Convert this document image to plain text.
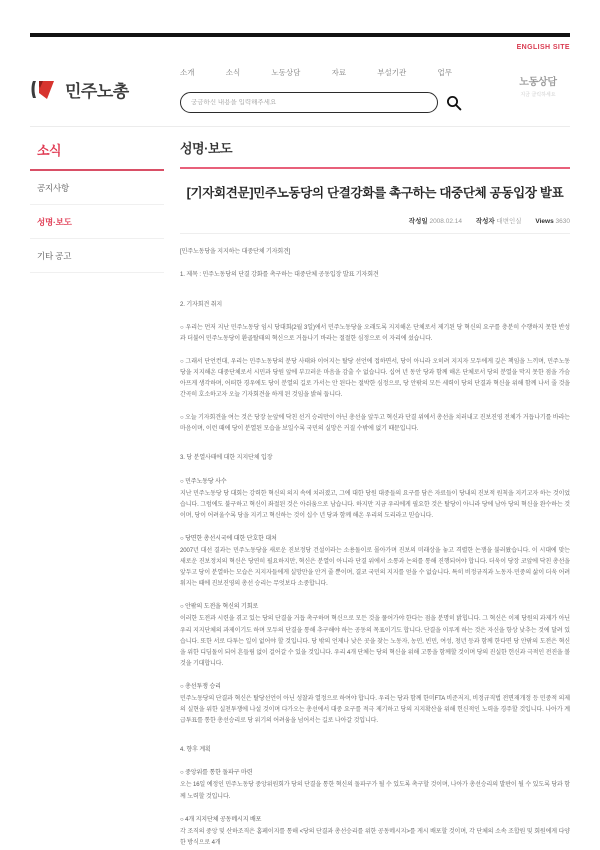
ENGLISH SITE
민주노총
소개	소식	노동상담	자료	부설기관	업무
궁금하신 내용을 입력해주세요
노동상담
지금 클릭하세요
소식
공지사항
성명·보도
기타 공고
성명·보도
[기자회견문]민주노동당의 단결강화를 촉구하는 대중단체 공동입장 발표
작성일 2008.02.14 작성자 대변인실 Views 3630

[민주노동당을 지지하는 대중단체 기자회견]

1. 제목 : 민주노동당의 단결 강화를 촉구하는 대중단체 공동입장 발표 기자회견

2. 기자회견 취지

○ 우리는 먼저 지난 민주노동당 임시 당대회(2월 3일)에서 민주노동당을 오래도록 지지해온 단체로서 제기된 당 혁신의 요구를 충분히 수행하지 못한 반성과 더불어 민주노동당이 환골탈태의 혁신으로 거듭나기 바라는 절절한 심정으로 이 자리에 섰습니다.

○ 그래서 단언컨대, 우리는 민주노동당의 분당 사태와 이어지는 탈당 선언에 접하면서, 당이 아니라 오히려 지지자 모두에게 깊은 책임을 느끼며, 민주노동당을 지지해온 대중단체로서 시민과 당원 앞에 부끄러운 마음을 감출 수 없습니다. 십여 년 동안 당과 함께 해온 단체로서 당의 분열을 막지 못한 점을 가슴 아프게 생각하며, 어떠한 경우에도 당이 분열의 길로 가서는 안 된다는 절박한 심정으로, 당 안팎의 모든 세력이 당의 단결과 혁신을 위해 함께 나서 줄 것을 간곡히 호소하고자 오늘 기자회견을 하게 된 것임을 밝혀 둡니다.

○ 오늘 기자회견을 여는 것은 당장 눈앞에 닥친 선거 승리만이 아닌 총선을 앞두고 혁신과 단결 위에서 총선을 치러내고 진보진영 전체가 거듭나기를 바라는 마음이며, 이런 때에 당이 분열된 모습을 보일수록 국민의 실망은 커질 수밖에 없기 때문입니다.

3. 당 분열사태에 대한 지지단체 입장

○ 민주노동당 사수

지난 민주노동당 당 대회는 강력한 혁신의 의지 속에 치러졌고, 그에 대한 당원 대중들의 요구를 담은 자료들이 당내의 진보적 원칙을 지키고자 하는 것이었습니다. 그럼에도 불구하고 혁신이 좌절된 것은 아쉬움으로 남습니다. 하지만 지금 우리에게 필요한 것은 탈당이 아니라 당에 남아 당의 혁신을 완수하는 것이며, 당이 어려울수록 당을 지키고 혁신하는 것이 십수 년 당과 함께 해온 우리의 도리라고 믿습니다.

○ 당면한 총선시국에 대한 단호한 대처

2007년 대선 결과는 민주노동당을 새로운 진보정당 건설이라는 소용돌이로 몰아가며 진보의 미래상을 놓고 격렬한 논쟁을 불러왔습니다. 이 시대에 맞는 새로운 진보정치의 혁신은 당연히 필요하지만, 혁신은 분열이 아니라 단결 위에서 소통과 논의를 통해 진행되어야 합니다. 더욱이 당장 코앞에 닥친 총선을 앞두고 당이 분열하는 모습은 지지자들에게 실망만을 안겨 줄 뿐이며, 결코 국민의 지지를 얻을 수 없습니다. 특히 비정규직과 노동자·민중의 삶이 더욱 어려워지는 때에 진보진영의 총선 승리는 무엇보다 소중합니다.

○ 안팎의 도전을 혁신의 기회로

이러한 도전과 시련을 겪고 있는 당의 단결을 거듭 촉구하며 혁신으로 모든 것을 풀어가야 한다는 점을 분명히 밝힙니다. 그 혁신은 이제 당원의 과제가 아닌 우리 지지단체의 과제이기도 하며 모두의 단결을 통해 추구해야 하는 공동의 목표이기도 합니다. 단결을 이루게 하는 것은 자신을 항상 낮추는 것에 달려 있습니다. 또한 서로 다투는 일이 없어야 할 것입니다. 당 밖의 언제나 낮은 곳을 찾는 노동자, 농민, 빈민, 여성, 청년 등과 함께 한다면 당 안팎의 도전은 혁신을 위한 디딤돌이 되어 흔들림 없이 걸어갈 수 있을 것입니다. 우리 4개 단체는 당의 혁신을 위해 고통을 함께할 것이며 당의 진실한 헌신과 극적인 전진을 볼 것을 기대합니다.

○ 총선투쟁 승리

민주노동당의 단결과 혁신은 탈당선언이 아닌 성찰과 열정으로 하여야 합니다. 우리는 당과 함께 한미FTA 비준저지, 비정규직법 전면재개정 등 민중적 의제의 실현을 위한 실천투쟁에 나설 것이며 다가오는 총선에서 대중 요구를 적극 제기하고 당의 지지확산을 위해 헌신적인 노력을 경주할 것입니다. 나아가 계급투표를 통한 총선승리로 당 위기의 어려움을 넘어서는 길로 나아갈 것입니다.

4. 향후 계획

○ 중앙위를 통한 돌파구 마련

오는 16일 예정인 민주노동당 중앙위원회가 당의 단결을 통한 혁신의 돌파구가 될 수 있도록 촉구할 것이며, 나아가 총선승리의 발판이 될 수 있도록 당과 함께 노력할 것입니다.

○ 4개 지지단체 공동메시지 배포

각 조직의 중앙 및 산하조직은 홈페이지를 통해 <당의 단결과 총선승리를 위한 공동메시지>를 게시 배포할 것이며, 각 단체의 소속 조합원 및 회원에게 다양한 방식으로 4개
